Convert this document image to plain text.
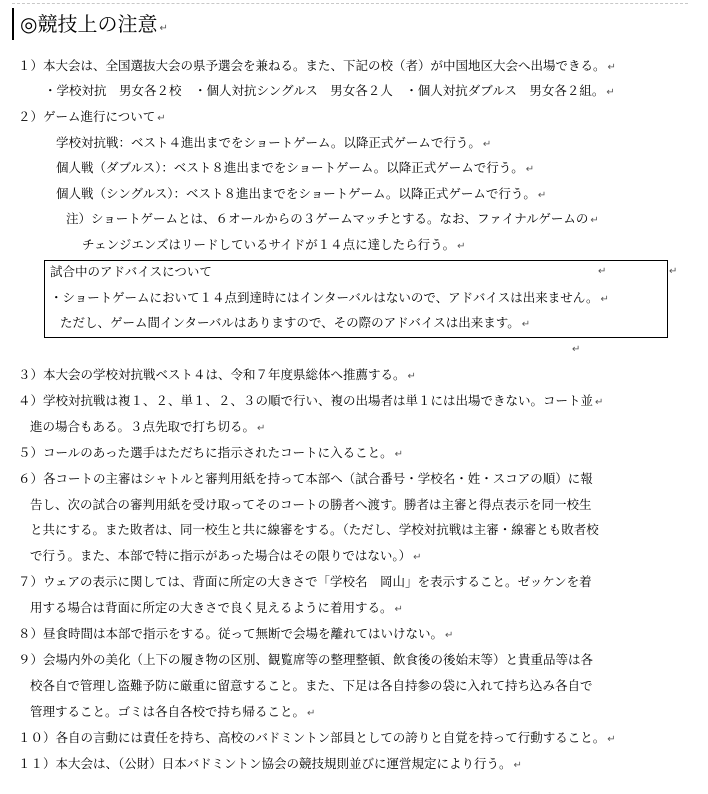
◎競技上の注意 ↵
１）本大会は、全国選抜大会の県予選会を兼ねる。また、下記の校（者）が中国地区大会へ出場できる。 ↵
・学校対抗　男女各２校　・個人対抗シングルス　男女各２人　・個人対抗ダブルス　男女各２組。 ↵
２）ゲーム進行について ↵
学校対抗戦：ベスト４進出までをショートゲーム。以降正式ゲームで行う。 ↵
個人戦（ダブルス）：ベスト８進出までをショートゲーム。以降正式ゲームで行う。 ↵
個人戦（シングルス）：ベスト８進出までをショートゲーム。以降正式ゲームで行う。 ↵
注）ショートゲームとは、６オールからの３ゲームマッチとする。なお、ファイナルゲームの ↵
チェンジエンズはリードしているサイドが１４点に達したら行う。 ↵
試合中のアドバイスについて	↵	↵
・ショートゲームにおいて１４点到達時にはインターバルはないので、アドバイスは出来ません。 ↵
ただし、ゲーム間インターバルはありますので、その際のアドバイスは出来ます。 ↵
↵
３）本大会の学校対抗戦ベスト４は、令和７年度県総体へ推薦する。 ↵
４）学校対抗戦は複１、２、単１、２、３の順で行い、複の出場者は単１には出場できない。コート並 ↵
進の場合もある。３点先取で打ち切る。 ↵
５）コールのあった選手はただちに指示されたコートに入ること。 ↵
６）各コートの主審はシャトルと審判用紙を持って本部へ（試合番号・学校名・姓・スコアの順）に報
告し、次の試合の審判用紙を受け取ってそのコートの勝者へ渡す。勝者は主審と得点表示を同一校生
と共にする。また敗者は、同一校生と共に線審をする。（ただし、学校対抗戦は主審・線審とも敗者校
で行う。また、本部で特に指示があった場合はその限りではない。） ↵
７）ウェアの表示に関しては、背面に所定の大きさで「学校名　岡山」を表示すること。ゼッケンを着
用する場合は背面に所定の大きさで良く見えるように着用する。 ↵
８）昼食時間は本部で指示をする。従って無断で会場を離れてはいけない。 ↵
９）会場内外の美化（上下の履き物の区別、観覧席等の整理整頓、飲食後の後始末等）と貴重品等は各
校各自で管理し盗難予防に厳重に留意すること。また、下足は各自持参の袋に入れて持ち込み各自で
管理すること。ゴミは各自各校で持ち帰ること。 ↵
１０）各自の言動には責任を持ち、高校のバドミントン部員としての誇りと自覚を持って行動すること。 ↵
１１）本大会は、（公財）日本バドミントン協会の競技規則並びに運営規定により行う。 ↵
